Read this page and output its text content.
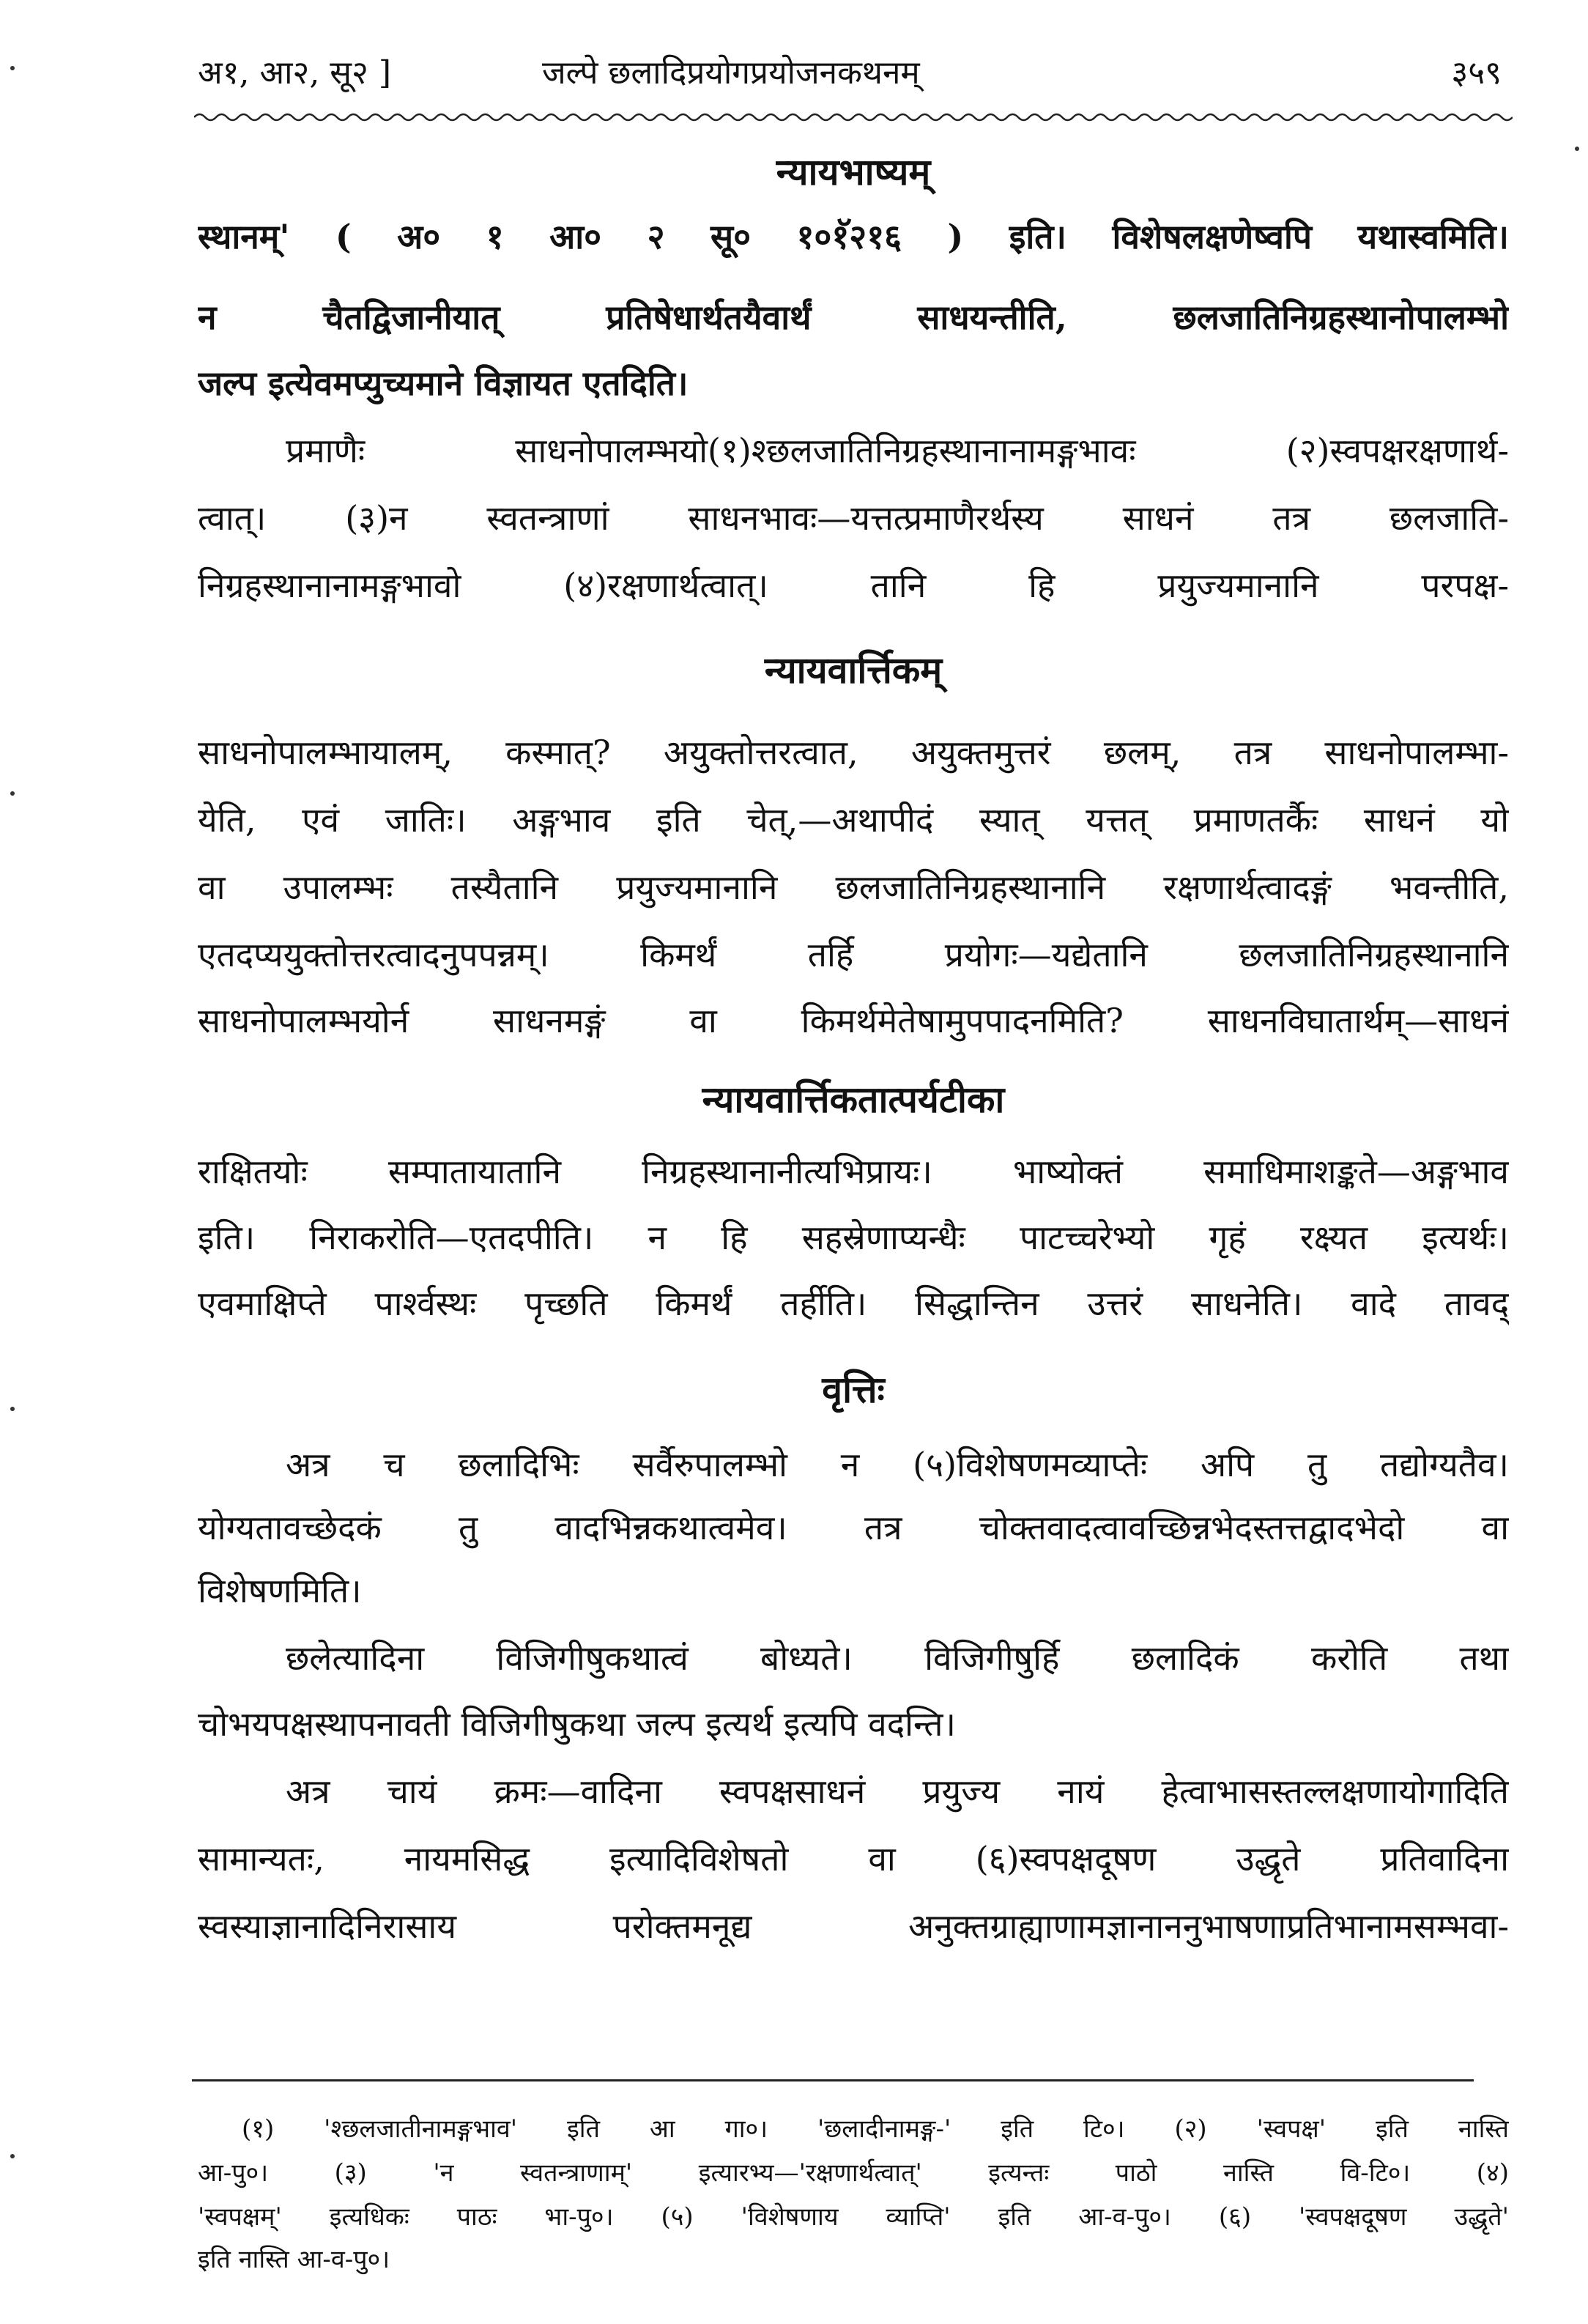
अ१, आ२, सू२ ]	जल्पे छलादिप्रयोगप्रयोजनकथनम्	३५९
न्यायभाष्यम्
स्थानम्' ( अ० १ आ० २ सू० १०१ॅ२१६ ) इति। विशेषलक्षणेष्वपि यथास्वमिति।
न चैतद्विजानीयात् प्रतिषेधार्थतयैवार्थं साधयन्तीति, छलजातिनिग्रहस्थानोपालम्भो
जल्प इत्येवमप्युच्यमाने विज्ञायत एतदिति।
प्रमाणैः साधनोपालम्भयो(१)श्छलजातिनिग्रहस्थानानामङ्गभावः (२)स्वपक्षरक्षणार्थ-
त्वात्। (३)न स्वतन्त्राणां साधनभावः—यत्तत्प्रमाणैरर्थस्य साधनं तत्र छलजाति-
निग्रहस्थानानामङ्गभावो (४)रक्षणार्थत्वात्। तानि हि प्रयुज्यमानानि परपक्ष-
न्यायवार्त्तिकम्
साधनोपालम्भायालम्, कस्मात्? अयुक्तोत्तरत्वात, अयुक्तमुत्तरं छलम्, तत्र साधनोपालम्भा-
येति, एवं जातिः। अङ्गभाव इति चेत्,—अथापीदं स्यात् यत्तत् प्रमाणतर्कैः साधनं यो
वा उपालम्भः तस्यैतानि प्रयुज्यमानानि छलजातिनिग्रहस्थानानि रक्षणार्थत्वादङ्गं भवन्तीति,
एतदप्ययुक्तोत्तरत्वादनुपपन्नम्। किमर्थं तर्हि प्रयोगः—यद्येतानि छलजातिनिग्रहस्थानानि
साधनोपालम्भयोर्न साधनमङ्गं वा किमर्थमेतेषामुपपादनमिति? साधनविघातार्थम्—साधनं
न्यायवार्त्तिकतात्पर्यटीका
राक्षितयोः सम्पातायातानि निग्रहस्थानानीत्यभिप्रायः। भाष्योक्तं समाधिमाशङ्कते—अङ्गभाव
इति। निराकरोति—एतदपीति। न हि सहस्रेणाप्यन्धैः पाटच्चरेभ्यो गृहं रक्ष्यत इत्यर्थः।
एवमाक्षिप्ते पार्श्वस्थः पृच्छति किमर्थं तर्हीति। सिद्धान्तिन उत्तरं साधनेति। वादे तावद्
वृत्तिः
अत्र च छलादिभिः सर्वैरुपालम्भो न (५)विशेषणमव्याप्तेः अपि तु तद्योग्यतैव।
योग्यतावच्छेदकं तु वादभिन्नकथात्वमेव। तत्र चोक्तवादत्वावच्छिन्नभेदस्तत्तद्वादभेदो वा
विशेषणमिति।
छलेत्यादिना विजिगीषुकथात्वं बोध्यते। विजिगीषुर्हि छलादिकं करोति तथा
चोभयपक्षस्थापनावती विजिगीषुकथा जल्प इत्यर्थ इत्यपि वदन्ति।
अत्र चायं क्रमः—वादिना स्वपक्षसाधनं प्रयुज्य नायं हेत्वाभासस्तल्लक्षणायोगादिति
सामान्यतः, नायमसिद्ध इत्यादिविशेषतो वा (६)स्वपक्षदूषण उद्धृते प्रतिवादिना
स्वस्याज्ञानादिनिरासाय परोक्तमनूद्य अनुक्तग्राह्याणामज्ञानाननुभाषणाप्रतिभानामसम्भवा-
(१) 'श्छलजातीनामङ्गभाव' इति आ गा०। 'छलादीनामङ्ग-' इति टि०। (२) 'स्वपक्ष' इति नास्ति
आ-पु०। (३) 'न स्वतन्त्राणाम्' इत्यारभ्य—'रक्षणार्थत्वात्' इत्यन्तः पाठो नास्ति वि-टि०। (४)
'स्वपक्षम्' इत्यधिकः पाठः भा-पु०। (५) 'विशेषणाय व्याप्ति' इति आ-व-पु०। (६) 'स्वपक्षदूषण उद्धृते'
इति नास्ति आ-व-पु०।
